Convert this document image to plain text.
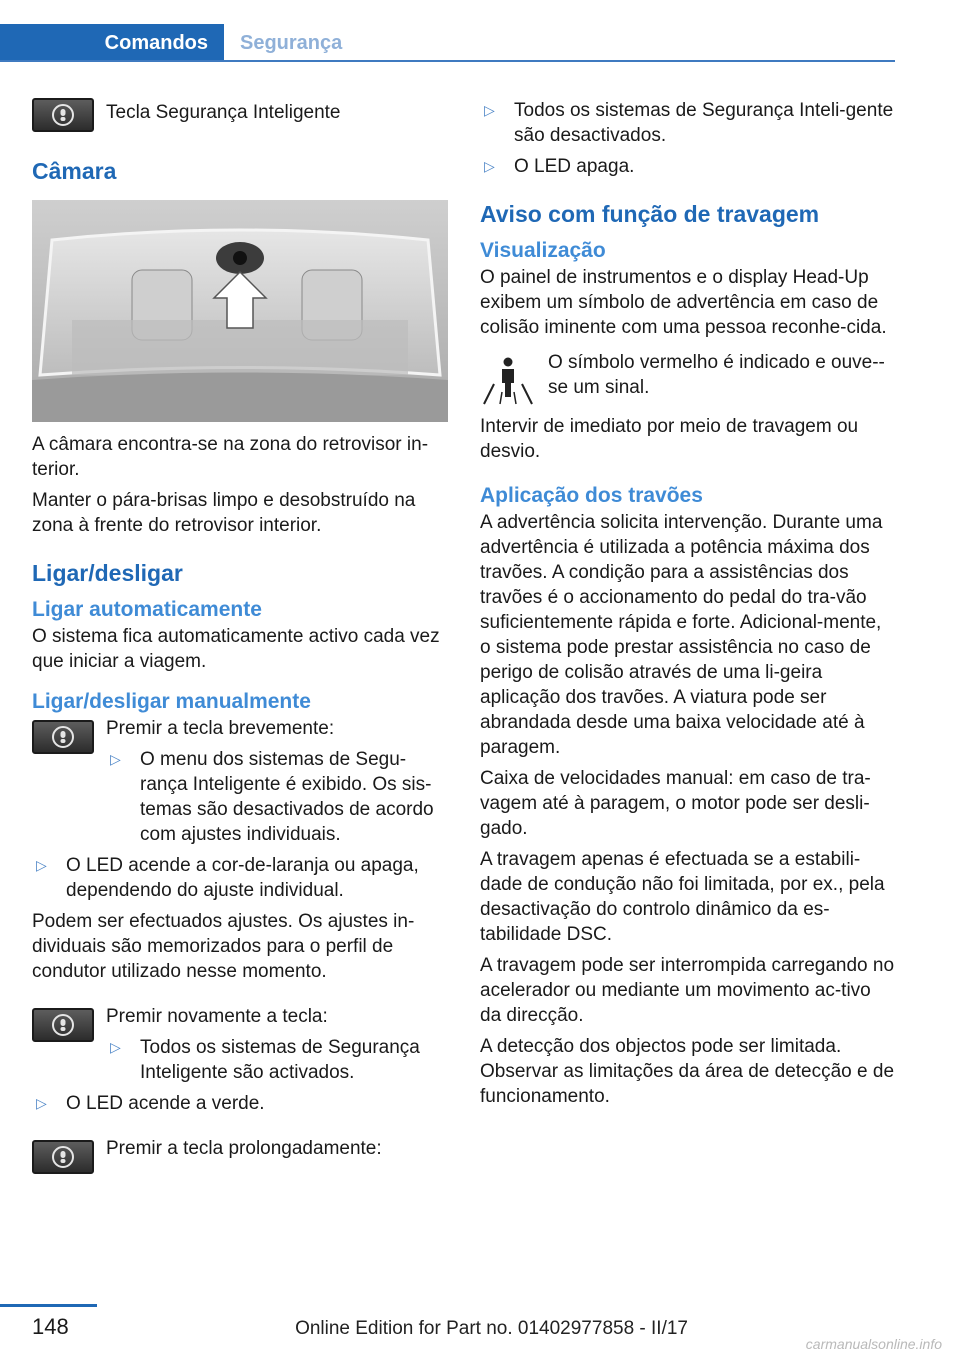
Comandos	Segurança

Tecla Segurança Inteligente

Câmara

A câmara encontra-se na zona do retrovisor in-terior.

Manter o pára-brisas limpo e desobstruído na zona à frente do retrovisor interior.

Ligar/desligar
Ligar automaticamente

O sistema fica automaticamente activo cada vez que iniciar a viagem.

Ligar/desligar manualmente

Premir a tecla brevemente:

▷	O menu dos sistemas de Segu-rança Inteligente é exibido. Os sis-temas são desactivados de acordo com ajustes individuais.
▷	O LED acende a cor-de-laranja ou apaga, dependendo do ajuste individual.

Podem ser efectuados ajustes. Os ajustes in-dividuais são memorizados para o perfil de condutor utilizado nesse momento.

Premir novamente a tecla:

▷	Todos os sistemas de Segurança Inteligente são activados.
▷	O LED acende a verde.

Premir a tecla prolongadamente:

▷	Todos os sistemas de Segurança Inteli-gente são desactivados.
▷	O LED apaga.
Aviso com função de travagem
Visualização

O painel de instrumentos e o display Head-Up exibem um símbolo de advertência em caso de colisão iminente com uma pessoa reconhe-cida.

O símbolo vermelho é indicado e ouve--se um sinal.

Intervir de imediato por meio de travagem ou desvio.

Aplicação dos travões

A advertência solicita intervenção. Durante uma advertência é utilizada a potência máxima dos travões. A condição para a assistências dos travões é o accionamento do pedal do tra-vão suficientemente rápida e forte. Adicional-mente, o sistema pode prestar assistência no caso de perigo de colisão através de uma li-geira aplicação dos travões. A viatura pode ser abrandada desde uma baixa velocidade até à paragem.

Caixa de velocidades manual: em caso de tra-vagem até à paragem, o motor pode ser desli-gado.

A travagem apenas é efectuada se a estabili-dade de condução não foi limitada, por ex., pela desactivação do controlo dinâmico da es-tabilidade DSC.

A travagem pode ser interrompida carregando no acelerador ou mediante um movimento ac-tivo da direcção.

A detecção dos objectos pode ser limitada. Observar as limitações da área de detecção e de funcionamento.

148	Online Edition for Part no. 01402977858 - II/17
carmanualsonline.info
